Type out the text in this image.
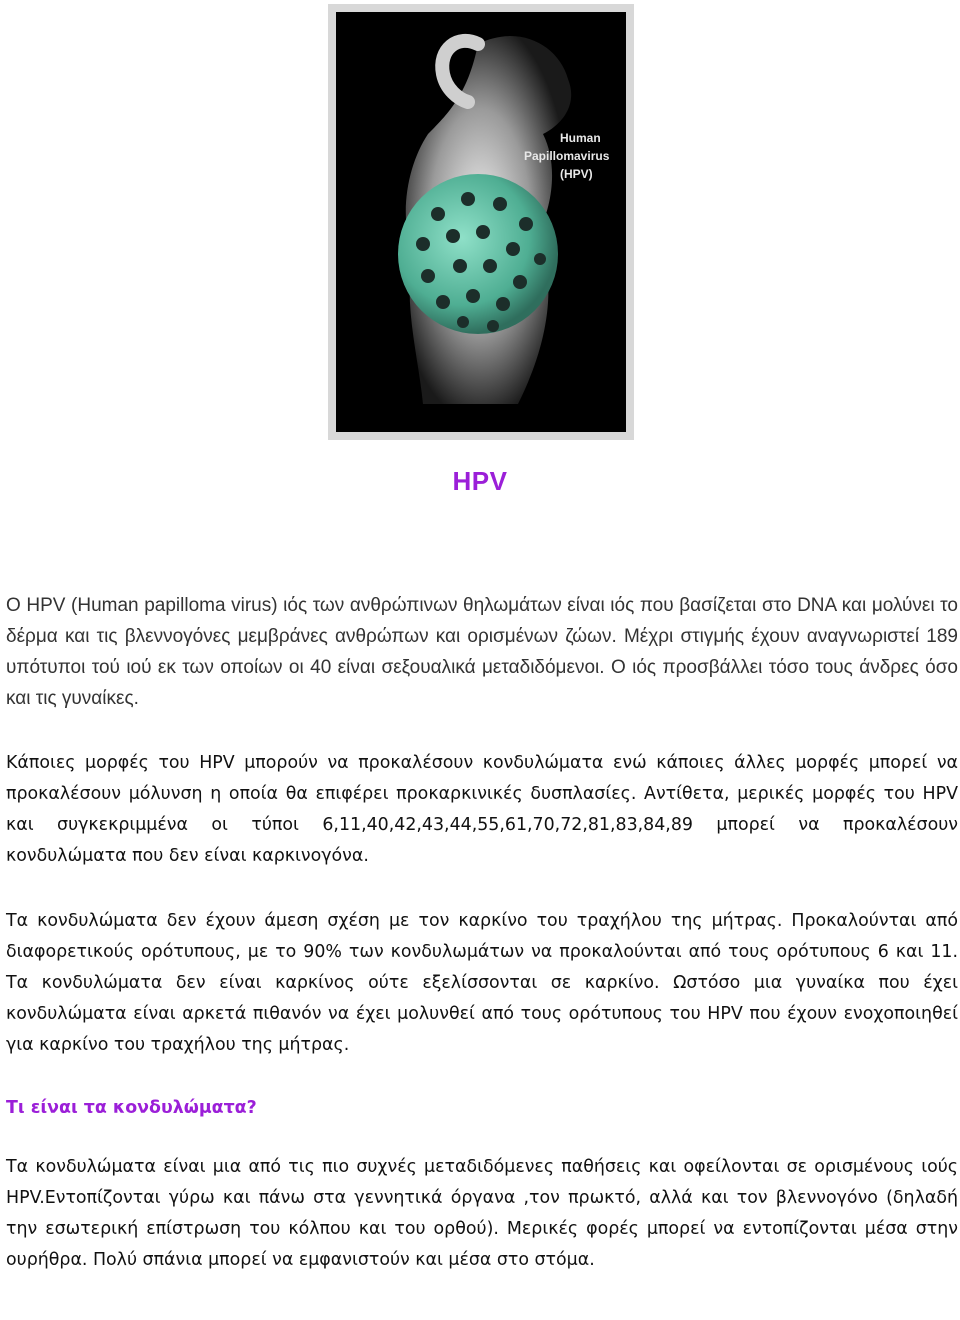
Human
Papillomavirus
(HPV)
HPV
Ο HPV (Human papilloma virus) ιός των ανθρώπινων θηλωμάτων είναι ιός που βασίζεται στο DNA και μολύνει το δέρμα και τις βλεννογόνες μεμβράνες ανθρώπων και ορισμένων ζώων. Μέχρι στιγμής έχουν αναγνωριστεί 189 υπότυποι τού ιού εκ των οποίων οι 40 είναι σεξουαλικά μεταδιδόμενοι. Ο ιός προσβάλλει τόσο τους άνδρες όσο και τις γυναίκες.
Κάποιες μορφές του HPV μπορούν να προκαλέσουν κονδυλώματα ενώ κάποιες άλλες μορφές μπορεί να προκαλέσουν μόλυνση η οποία θα επιφέρει προκαρκινικές δυσπλασίες. Αντίθετα, μερικές μορφές του HPV και συγκεκριμμένα οι τύποι 6,11,40,42,43,44,55,61,70,72,81,83,84,89 μπορεί να προκαλέσουν κονδυλώματα που δεν είναι καρκινογόνα.
Τα κονδυλώματα δεν έχουν άμεση σχέση με τον καρκίνο του τραχήλου της μήτρας. Προκαλούνται από διαφορετικούς ορότυπους, με το 90% των κονδυλωμάτων να προκαλούνται από τους ορότυπους 6 και 11. Τα κονδυλώματα δεν είναι καρκίνος ούτε εξελίσσονται σε καρκίνο. Ωστόσο μια γυναίκα που έχει κονδυλώματα είναι αρκετά πιθανόν να έχει μολυνθεί από τους ορότυπους του HPV που έχουν ενοχοποιηθεί για καρκίνο του τραχήλου της μήτρας.
Τι είναι τα κονδυλώματα?
Τα κονδυλώματα είναι μια από τις πιο συχνές μεταδιδόμενες παθήσεις και οφείλονται σε ορισμένους ιούς HPV.Εντοπίζονται γύρω και πάνω στα γεννητικά όργανα ,τον πρωκτό, αλλά και τον βλεννογόνο (δηλαδή την εσωτερική επίστρωση του κόλπου και του ορθού). Μερικές φορές μπορεί να εντοπίζονται μέσα στην ουρήθρα. Πολύ σπάνια μπορεί να εμφανιστούν και μέσα στο στόμα.
